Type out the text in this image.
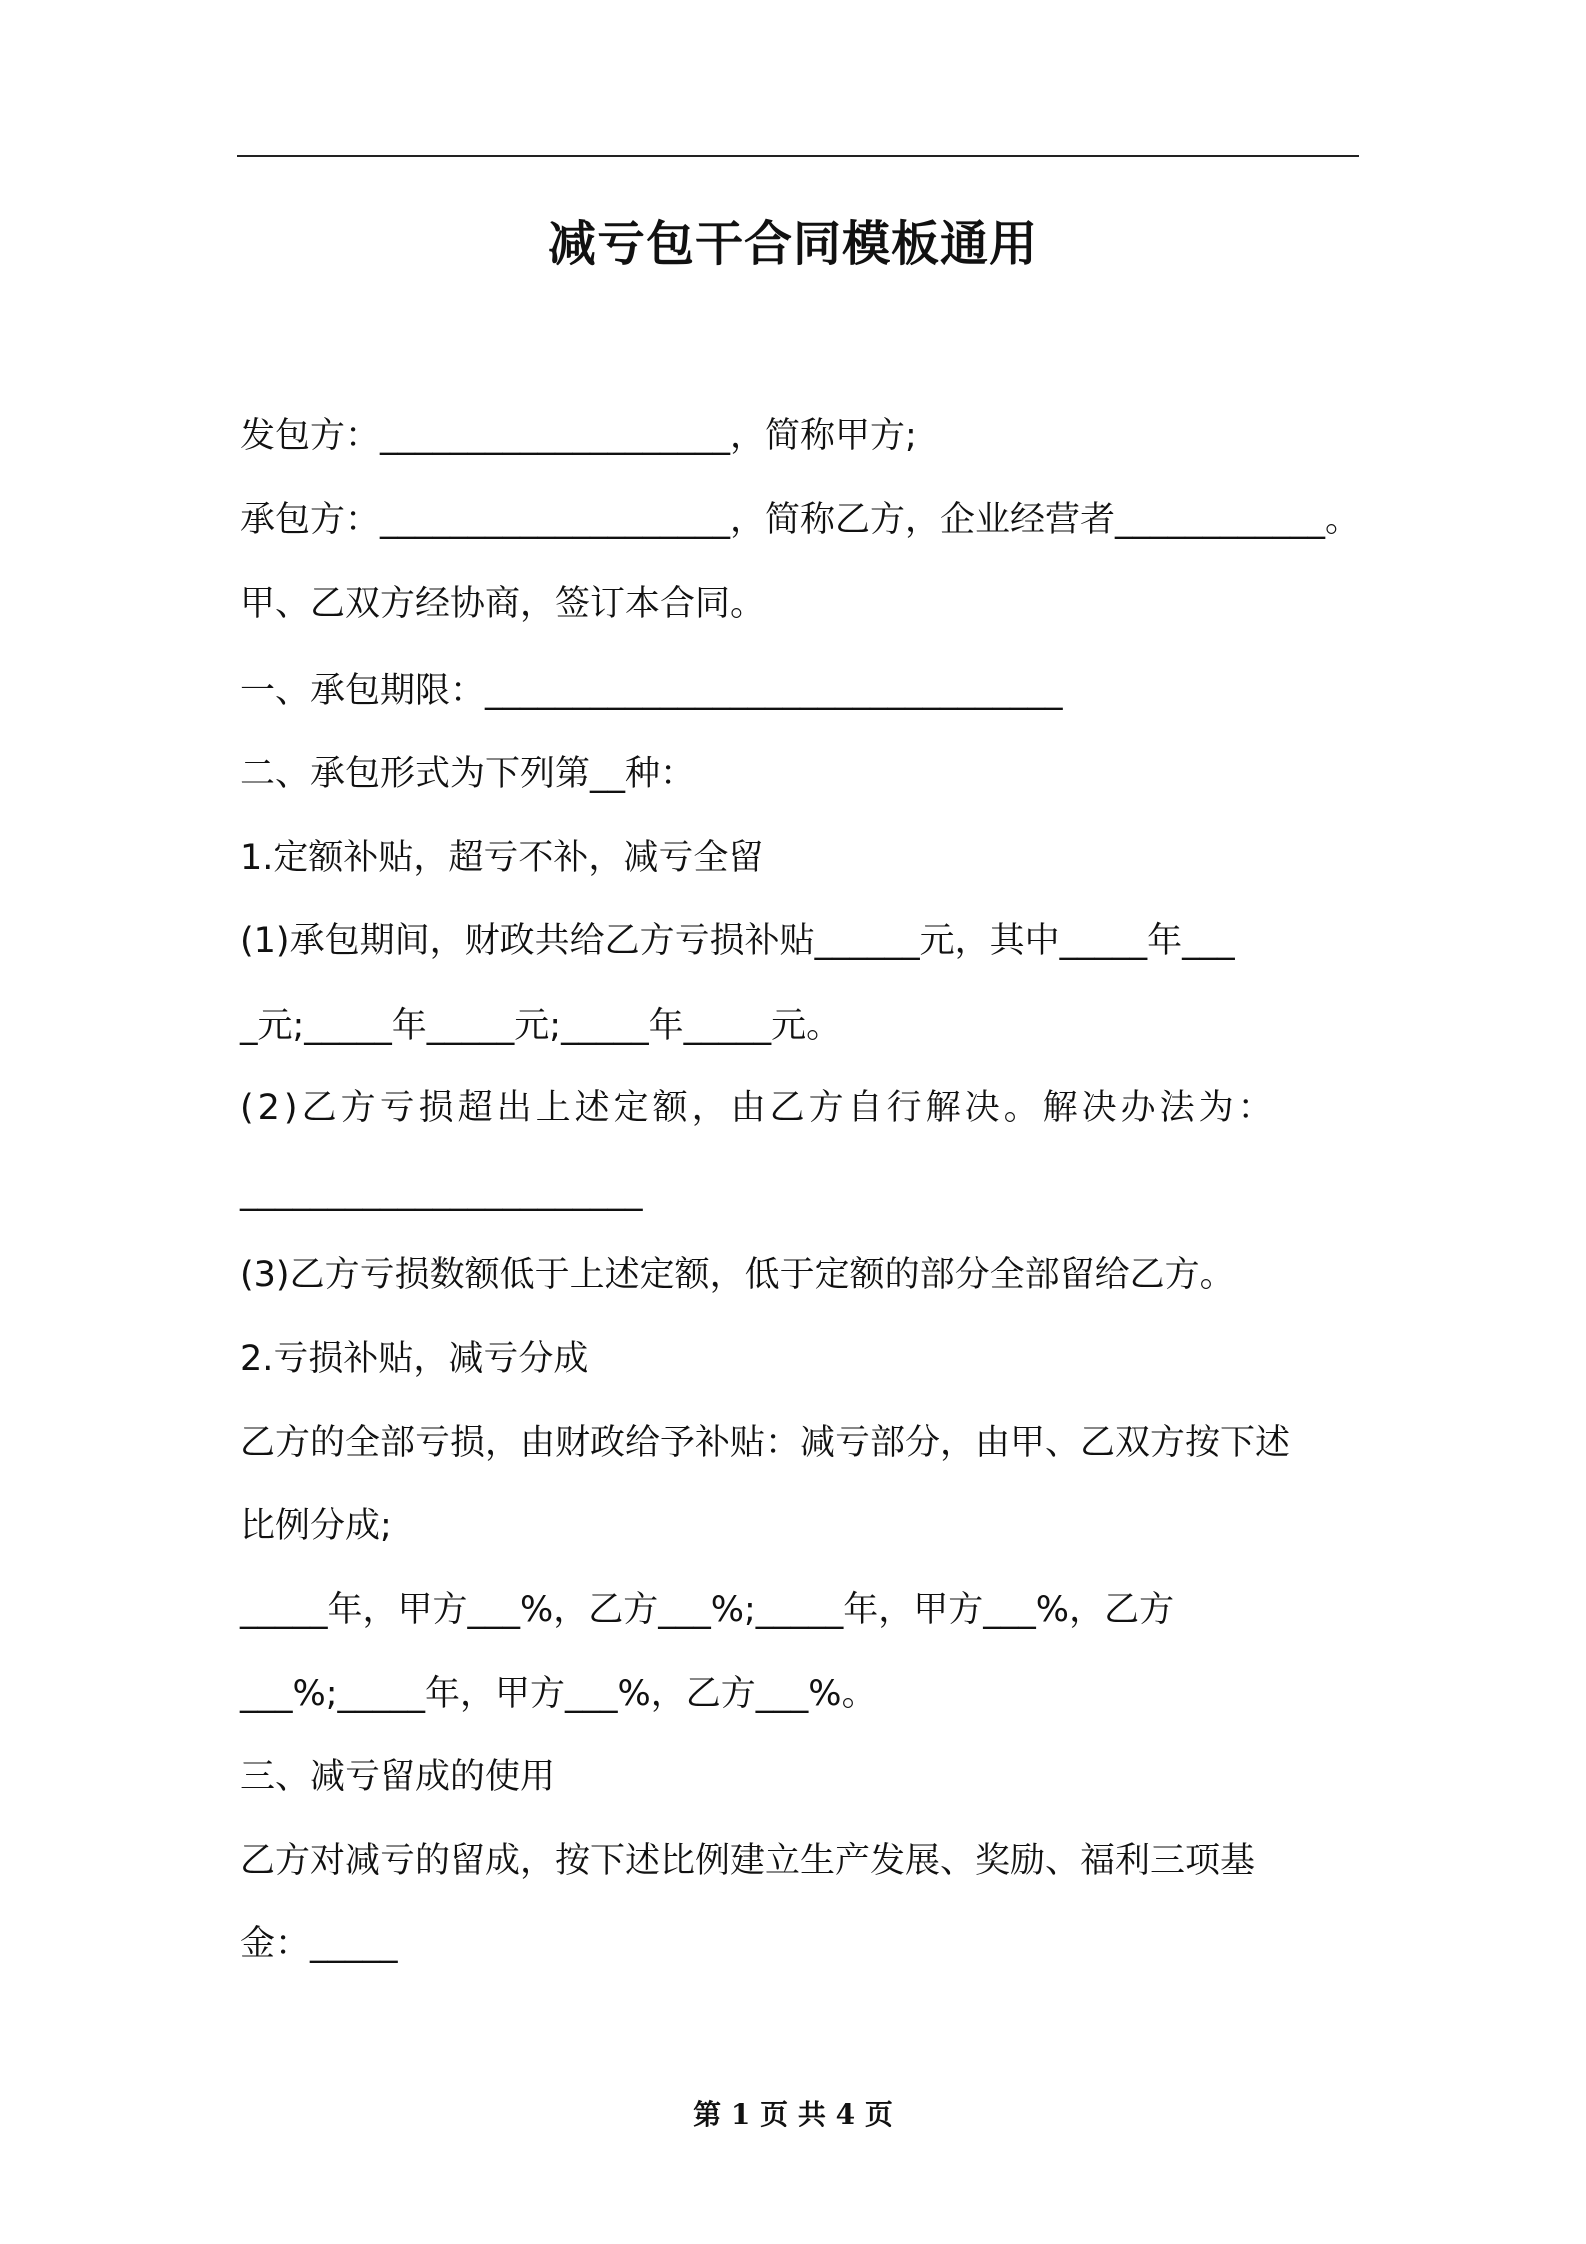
减亏包干合同模板通用
发包方：____________________，简称甲方;
承包方：____________________，简称乙方，企业经营者____________。
甲、乙双方经协商，签订本合同。
一、承包期限：_________________________________
二、承包形式为下列第__种：
1.定额补贴，超亏不补，减亏全留
(1)承包期间，财政共给乙方亏损补贴______元，其中_____年___
_元;_____年_____元;_____年_____元。
(2)乙方亏损超出上述定额，由乙方自行解决。解决办法为：
_______________________
(3)乙方亏损数额低于上述定额，低于定额的部分全部留给乙方。
2.亏损补贴，减亏分成
乙方的全部亏损，由财政给予补贴：减亏部分，由甲、乙双方按下述
比例分成;
_____年，甲方___%，乙方___%;_____年，甲方___%，乙方
___%;_____年，甲方___%，乙方___%。
三、减亏留成的使用
乙方对减亏的留成，按下述比例建立生产发展、奖励、福利三项基
金：_____
第 1 页 共 4 页
